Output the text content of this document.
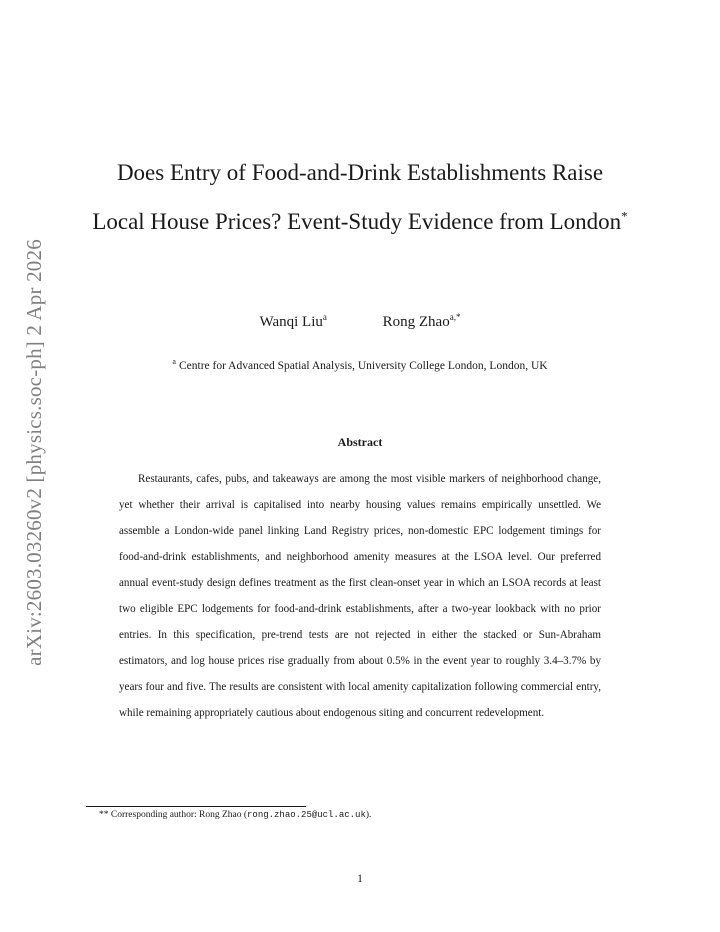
arXiv:2603.03260v2 [physics.soc-ph] 2 Apr 2026
Does Entry of Food-and-Drink Establishments Raise Local House Prices? Event-Study Evidence from London*
Wanqi Liu$^a$	Rong Zhao$^{a,*}$
$^a$ Centre for Advanced Spatial Analysis, University College London, London, UK
Abstract

Restaurants, cafes, pubs, and takeaways are among the most visible markers of neighborhood change, yet whether their arrival is capitalised into nearby housing values remains empirically unsettled. We assemble a London-wide panel linking Land Registry prices, non-domestic EPC lodgement timings for food-and-drink establishments, and neighborhood amenity measures at the LSOA level. Our preferred annual event-study design defines treatment as the first clean-onset year in which an LSOA records at least two eligible EPC lodgements for food-and-drink establishments, after a two-year lookback with no prior entries. In this specification, pre-trend tests are not rejected in either the stacked or Sun-Abraham estimators, and log house prices rise gradually from about 0.5% in the event year to roughly 3.4–3.7% by years four and five. The results are consistent with local amenity capitalization following commercial entry, while remaining appropriately cautious about endogenous siting and concurrent redevelopment.

** Corresponding author: Rong Zhao (rong.zhao.25@ucl.ac.uk).
1
